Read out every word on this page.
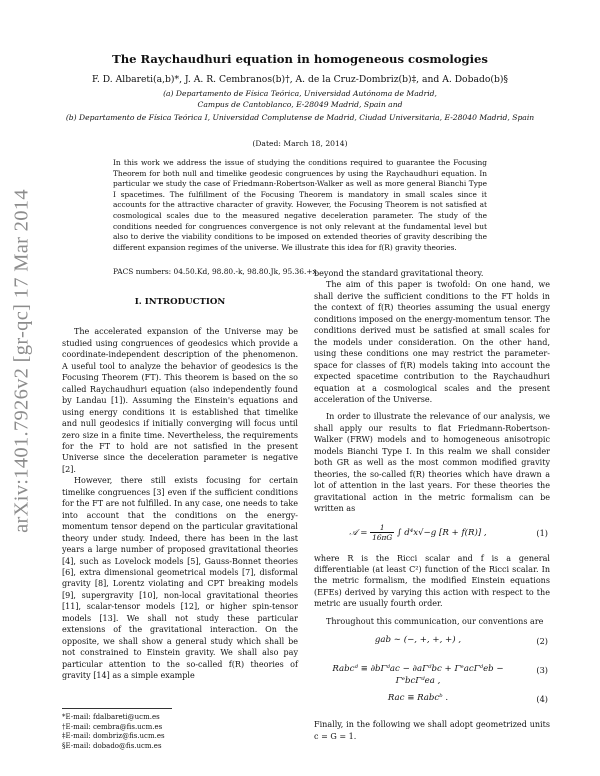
arXiv:1401.7926v2 [gr-qc] 17 Mar 2014
The Raychaudhuri equation in homogeneous cosmologies
F. D. Albareti(a,b)*, J. A. R. Cembranos(b)†, A. de la Cruz-Dombriz(b)‡, and A. Dobado(b)§
(a) Departamento de Física Teórica, Universidad Autónoma de Madrid,
Campus de Cantoblanco, E-28049 Madrid, Spain and
(b) Departamento de Física Teórica I, Universidad Complutense de Madrid, Ciudad Universitaria, E-28040 Madrid, Spain
(Dated: March 18, 2014)
In this work we address the issue of studying the conditions required to guarantee the Focusing Theorem for both null and timelike geodesic congruences by using the Raychaudhuri equation. In particular we study the case of Friedmann-Robertson-Walker as well as more general Bianchi Type I spacetimes. The fulfillment of the Focusing Theorem is mandatory in small scales since it accounts for the attractive character of gravity. However, the Focusing Theorem is not satisfied at cosmological scales due to the measured negative deceleration parameter. The study of the conditions needed for congruences convergence is not only relevant at the fundamental level but also to derive the viability conditions to be imposed on extended theories of gravity describing the different expansion regimes of the universe. We illustrate this idea for f(R) gravity theories.
PACS numbers: 04.50.Kd, 98.80.-k, 98.80.Jk, 95.36.+x
I. INTRODUCTION

The accelerated expansion of the Universe may be studied using congruences of geodesics which provide a coordinate-independent description of the phenomenon. A useful tool to analyze the behavior of geodesics is the Focusing Theorem (FT). This theorem is based on the so called Raychaudhuri equation (also independently found by Landau [1]). Assuming the Einstein's equations and using energy conditions it is established that timelike and null geodesics if initially converging will focus until zero size in a finite time. Nevertheless, the requirements for the FT to hold are not satisfied in the present Universe since the deceleration parameter is negative [2].

However, there still exists focusing for certain timelike congruences [3] even if the sufficient conditions for the FT are not fulfilled. In any case, one needs to take into account that the conditions on the energy-momentum tensor depend on the particular gravitational theory under study. Indeed, there has been in the last years a large number of proposed gravitational theories [4], such as Lovelock models [5], Gauss-Bonnet theories [6], extra dimensional geometrical models [7], disformal gravity [8], Lorentz violating and CPT breaking models [9], supergravity [10], non-local gravitational theories [11], scalar-tensor models [12], or higher spin-tensor models [13]. We shall not study these particular extensions of the gravitational interaction. On the opposite, we shall show a general study which shall be not constrained to Einstein gravity. We shall also pay particular attention to the so-called f(R) theories of gravity [14] as a simple example

beyond the standard gravitational theory.

The aim of this paper is twofold: On one hand, we shall derive the sufficient conditions to the FT holds in the context of f(R) theories assuming the usual energy conditions imposed on the energy-momentum tensor. The conditions derived must be satisfied at small scales for the models under consideration. On the other hand, using these conditions one may restrict the parameter-space for classes of f(R) models taking into account the expected spacetime contribution to the Raychaudhuri equation at a cosmological scales and the present acceleration of the Universe.

In order to illustrate the relevance of our analysis, we shall apply our results to flat Friedmann-Robertson-Walker (FRW) models and to homogeneous anisotropic models Bianchi Type I. In this realm we shall consider both GR as well as the most common modified gravity theories, the so-called f(R) theories which have drawn a lot of attention in the last years. For these theories the gravitational action in the metric formalism can be written as

𝒜 = $\frac{1}{16\pi G}$ ∫ d⁴x√−g [R + f(R)] ,	(1)

where R is the Ricci scalar and f is a general differentiable (at least C²) function of the Ricci scalar. In the metric formalism, the modified Einstein equations (EFEs) derived by varying this action with respect to the metric are usually fourth order.

Throughout this communication, our conventions are

gab ∼ (−, +, +, +) ,	(2)
Rabcᵈ ≡ ∂bΓᵈac − ∂aΓᵈbc + ΓᵉacΓᵈeb − ΓᵉbcΓᵈea ,
(3)
Rac ≡ Rabcᵇ .	(4)

Finally, in the following we shall adopt geometrized units c = G = 1.

*E-mail: fdalbareti@ucm.es
†E-mail: cembra@fis.ucm.es
‡E-mail: dombriz@fis.ucm.es
§E-mail: dobado@fis.ucm.es
